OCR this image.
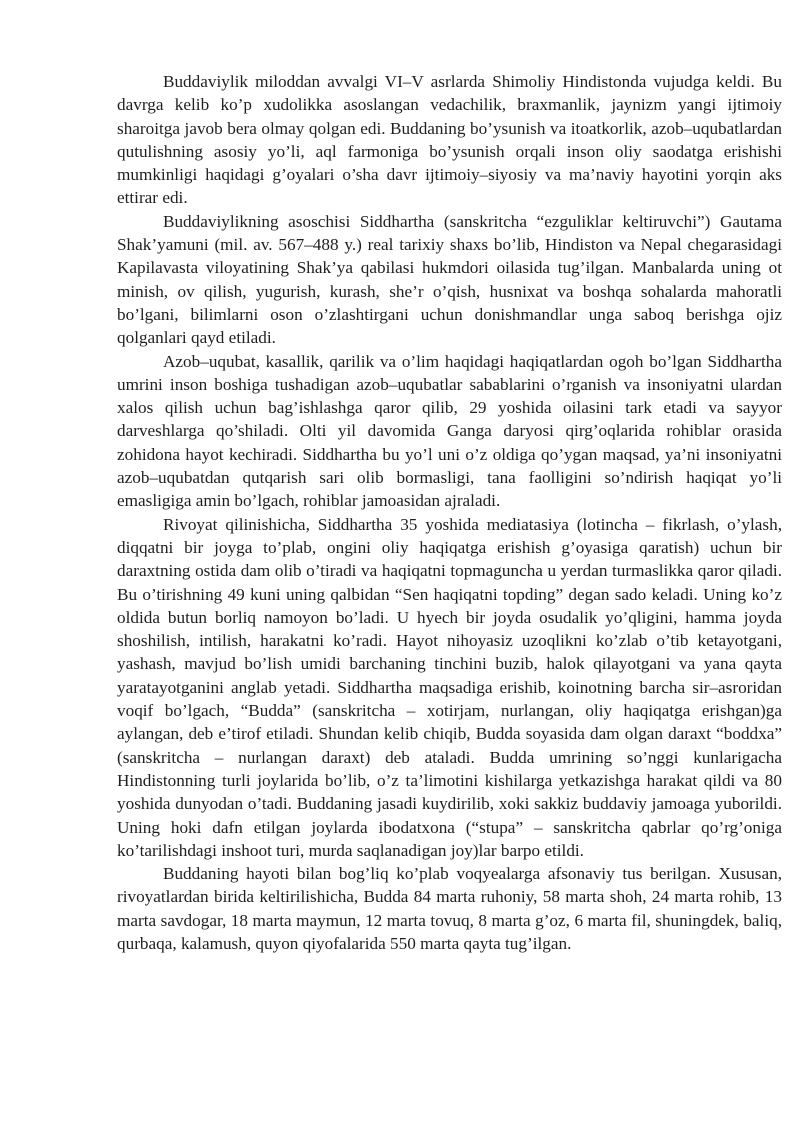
Buddaviylik miloddan avvalgi VI–V asrlarda Shimoliy Hindistonda vujudga keldi. Bu davrga kelib ko’p xudolikka asoslangan vedachilik, braxmanlik, jaynizm yangi ijtimoiy sharoitga javob bera olmay qolgan edi. Buddaning bo’ysunish va itoatkorlik, azob–uqubatlardan qutulishning asosiy yo’li, aql farmoniga bo’ysunish orqali inson oliy saodatga erishishi mumkinligi haqidagi g’oyalari o’sha davr ijtimoiy–siyosiy va ma’naviy hayotini yorqin aks ettirar edi.

Buddaviylikning asoschisi Siddhartha (sanskritcha “ezguliklar keltiruvchi”) Gautama Shak’yamuni (mil. av. 567–488 y.) real tarixiy shaxs bo’lib, Hindiston va Nepal chegarasidagi Kapilavasta viloyatining Shak’ya qabilasi hukmdori oilasida tug’ilgan. Manbalarda uning ot minish, ov qilish, yugurish, kurash, she’r o’qish, husnixat va boshqa sohalarda mahoratli bo’lgani, bilimlarni oson o’zlashtirgani uchun donishmandlar unga saboq berishga ojiz qolganlari qayd etiladi.

Azob–uqubat, kasallik, qarilik va o’lim haqidagi haqiqatlardan ogoh bo’lgan Siddhartha umrini inson boshiga tushadigan azob–uqubatlar sabablarini o’rganish va insoniyatni ulardan xalos qilish uchun bag’ishlashga qaror qilib, 29 yoshida oilasini tark etadi va sayyor darveshlarga qo’shiladi. Olti yil davomida Ganga daryosi qirg’oqlarida rohiblar orasida zohidona hayot kechiradi. Siddhartha bu yo’l uni o’z oldiga qo’ygan maqsad, ya’ni insoniyatni azob–uqubatdan qutqarish sari olib bormasligi, tana faolligini so’ndirish haqiqat yo’li emasligiga amin bo’lgach, rohiblar jamoasidan ajraladi.

Rivoyat qilinishicha, Siddhartha 35 yoshida mediatasiya (lotincha – fikrlash, o’ylash, diqqatni bir joyga to’plab, ongini oliy haqiqatga erishish g’oyasiga qaratish) uchun bir daraxtning ostida dam olib o’tiradi va haqiqatni topmaguncha u yerdan turmaslikka qaror qiladi. Bu o’tirishning 49 kuni uning qalbidan “Sen haqiqatni topding” degan sado keladi. Uning ko’z oldida butun borliq namoyon bo’ladi. U hyech bir joyda osudalik yo’qligini, hamma joyda shoshilish, intilish, harakatni ko’radi. Hayot nihoyasiz uzoqlikni ko’zlab o’tib ketayotgani, yashash, mavjud bo’lish umidi barchaning tinchini buzib, halok qilayotgani va yana qayta yaratayotganini anglab yetadi. Siddhartha maqsadiga erishib, koinotning barcha sir–asroridan voqif bo’lgach, “Budda” (sanskritcha – xotirjam, nurlangan, oliy haqiqatga erishgan)ga aylangan, deb e’tirof etiladi. Shundan kelib chiqib, Budda soyasida dam olgan daraxt “boddxa” (sanskritcha – nurlangan daraxt) deb ataladi. Budda umrining so’nggi kunlarigacha Hindistonning turli joylarida bo’lib, o’z ta’limotini kishilarga yetkazishga harakat qildi va 80 yoshida dunyodan o’tadi. Buddaning jasadi kuydirilib, xoki sakkiz buddaviy jamoaga yuborildi. Uning hoki dafn etilgan joylarda ibodatxona (“stupa” – sanskritcha qabrlar qo’rg’oniga ko’tarilishdagi inshoot turi, murda saqlanadigan joy)lar barpo etildi.

Buddaning hayoti bilan bog’liq ko’plab voqyealarga afsonaviy tus berilgan. Xususan, rivoyatlardan birida keltirilishicha, Budda 84 marta ruhoniy, 58 marta shoh, 24 marta rohib, 13 marta savdogar, 18 marta maymun, 12 marta tovuq, 8 marta g’oz, 6 marta fil, shuningdek, baliq, qurbaqa, kalamush, quyon qiyofalarida 550 marta qayta tug’ilgan.
